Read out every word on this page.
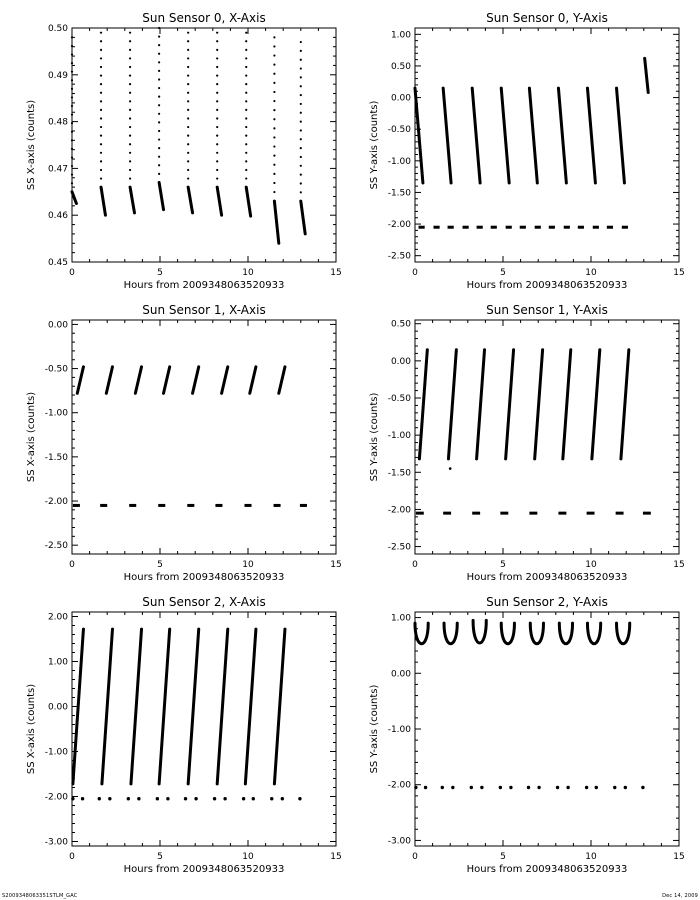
Sun Sensor 0, X-Axis
0	5	10	15
0.45
0.46
0.47
0.48
0.49
0.50
Hours from 2009348063520933
SS X-axis (counts)
Sun Sensor 0, Y-Axis
0	5	10	15
-2.50
-2.00
-1.50
-1.00
-0.50
0.00
0.50
1.00
Hours from 2009348063520933
SS Y-axis (counts)
Sun Sensor 1, X-Axis
0	5	10	15
-2.50
-2.00
-1.50
-1.00
-0.50
0.00
Hours from 2009348063520933
SS X-axis (counts)
Sun Sensor 1, Y-Axis
0	5	10	15
-2.50
-2.00
-1.50
-1.00
-0.50
0.00
0.50
Hours from 2009348063520933
SS Y-axis (counts)
Sun Sensor 2, X-Axis
0	5	10	15
-3.00
-2.00
-1.00
0.00
1.00
2.00
Hours from 2009348063520933
SS X-axis (counts)
Sun Sensor 2, Y-Axis
0	5	10	15
-3.00
-2.00
-1.00
0.00
1.00
Hours from 2009348063520933
SS Y-axis (counts)
S2009348063351STLM_GAC	Dec 14, 2009
